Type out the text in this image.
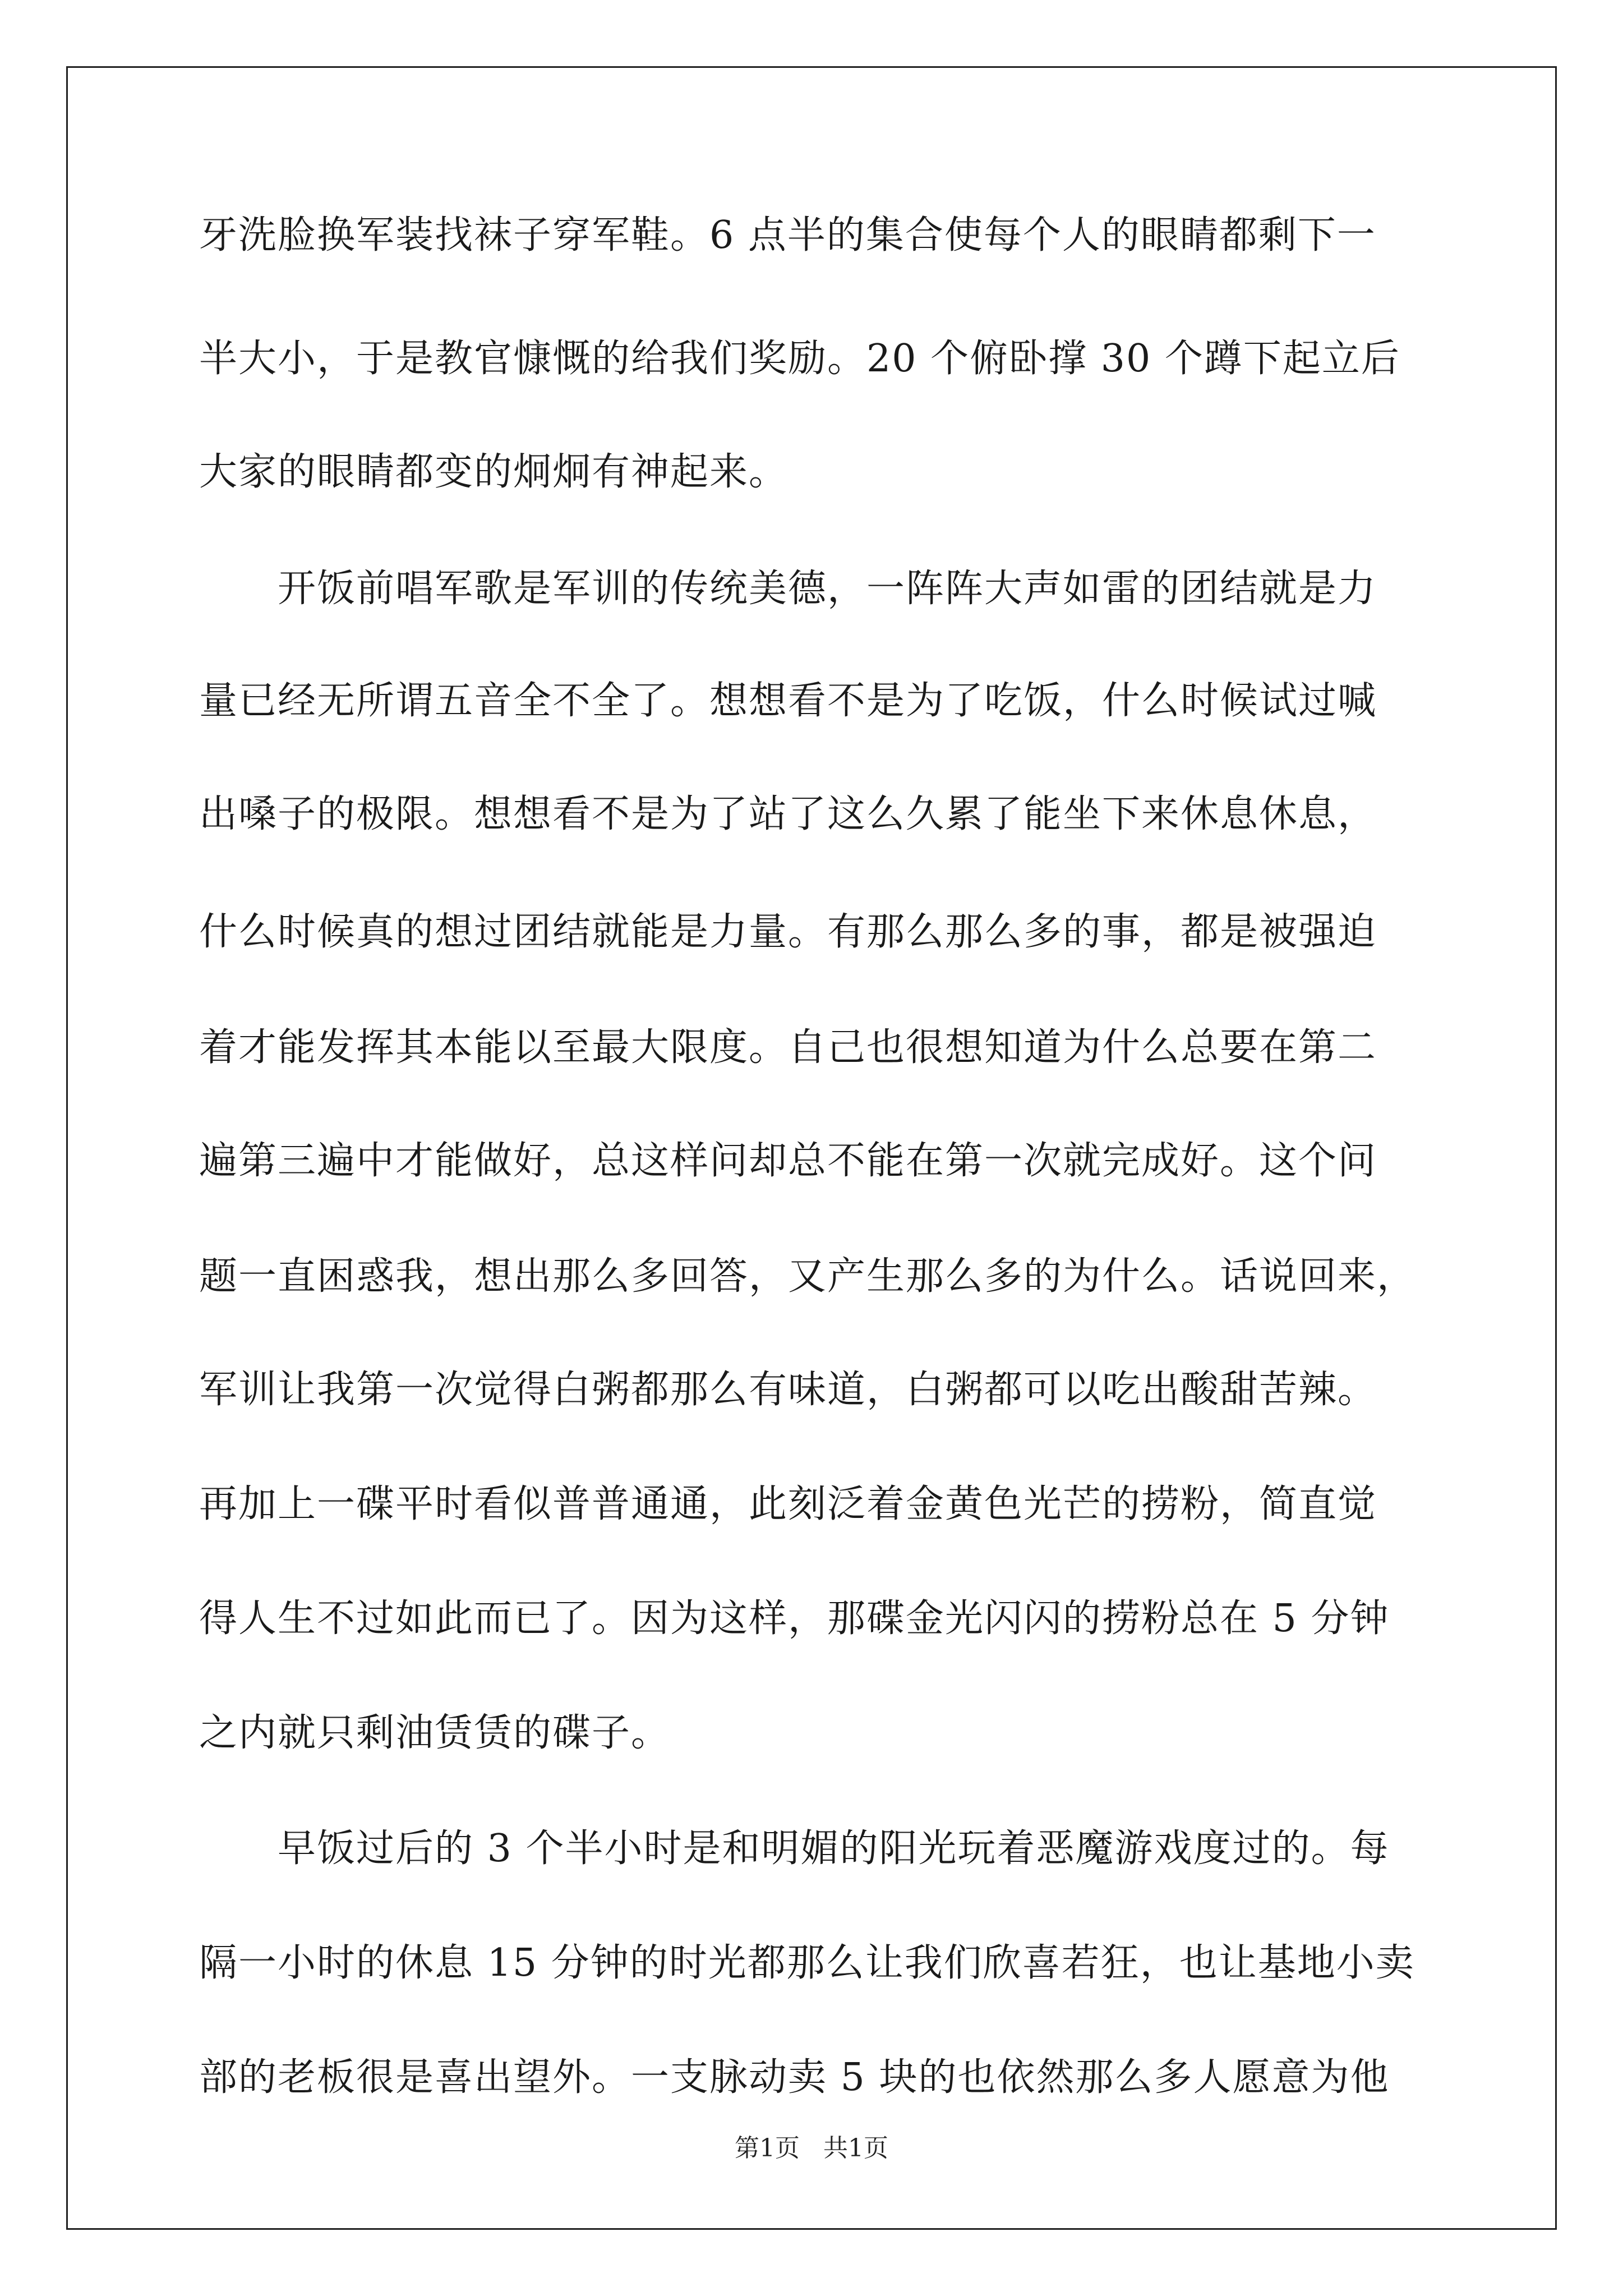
牙洗脸换军装找袜子穿军鞋。6 点半的集合使每个人的眼睛都剩下一
半大小，于是教官慷慨的给我们奖励。20 个俯卧撑 30 个蹲下起立后
大家的眼睛都变的炯炯有神起来。
　　开饭前唱军歌是军训的传统美德，一阵阵大声如雷的团结就是力
量已经无所谓五音全不全了。想想看不是为了吃饭，什么时候试过喊
出嗓子的极限。想想看不是为了站了这么久累了能坐下来休息休息，
什么时候真的想过团结就能是力量。有那么那么多的事，都是被强迫
着才能发挥其本能以至最大限度。自己也很想知道为什么总要在第二
遍第三遍中才能做好，总这样问却总不能在第一次就完成好。这个问
题一直困惑我，想出那么多回答，又产生那么多的为什么。话说回来，
军训让我第一次觉得白粥都那么有味道，白粥都可以吃出酸甜苦辣。
再加上一碟平时看似普普通通，此刻泛着金黄色光芒的捞粉，简直觉
得人生不过如此而已了。因为这样，那碟金光闪闪的捞粉总在 5 分钟
之内就只剩油赁赁的碟子。
　　早饭过后的 3 个半小时是和明媚的阳光玩着恶魔游戏度过的。每
隔一小时的休息 15 分钟的时光都那么让我们欣喜若狂，也让基地小卖
部的老板很是喜出望外。一支脉动卖 5 块的也依然那么多人愿意为他
第1页   共1页
